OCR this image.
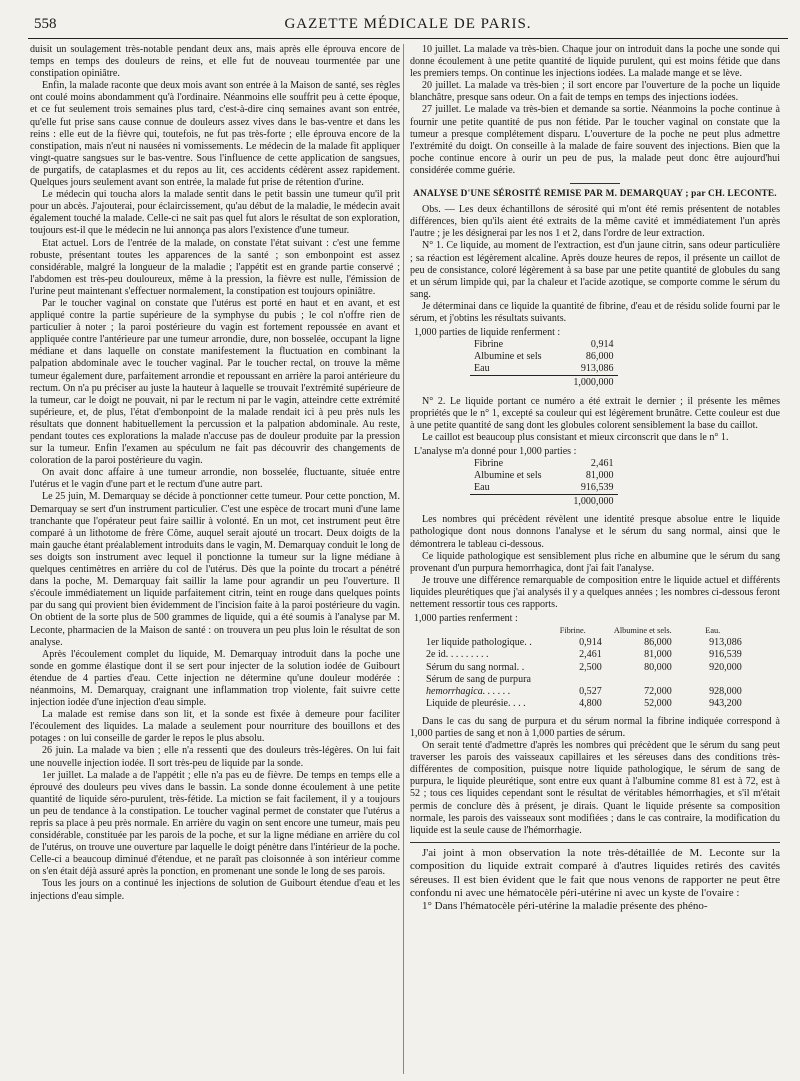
558	GAZETTE MÉDICALE DE PARIS.

duisit un soulagement très-notable pendant deux ans, mais après elle éprouva encore de temps en temps des douleurs de reins, et elle fut de nouveau tourmentée par une constipation opiniâtre.

Enfin, la malade raconte que deux mois avant son entrée à la Maison de santé, ses règles ont coulé moins abondamment qu'à l'ordinaire. Néanmoins elle souffrit peu à cette époque, et ce fut seulement trois semaines plus tard, c'est-à-dire cinq semaines avant son entrée, qu'elle fut prise sans cause connue de douleurs assez vives dans le bas-ventre et dans les reins : elle eut de la fièvre qui, toutefois, ne fut pas très-forte ; elle éprouva encore de la constipation, mais n'eut ni nausées ni vomissements. Le médecin de la malade fit appliquer vingt-quatre sangsues sur le bas-ventre. Sous l'influence de cette application de sangsues, de purgatifs, de cataplasmes et du repos au lit, ces accidents cédèrent assez rapidement. Quelques jours seulement avant son entrée, la malade fut prise de rétention d'urine.

Le médecin qui toucha alors la malade sentit dans le petit bassin une tumeur qu'il prit pour un abcès. J'ajouterai, pour éclaircissement, qu'au début de la maladie, le médecin avait également touché la malade. Celle-ci ne sait pas quel fut alors le résultat de son exploration, toujours est-il que le médecin ne lui annonça pas alors l'existence d'une tumeur.

Etat actuel. Lors de l'entrée de la malade, on constate l'état suivant : c'est une femme robuste, présentant toutes les apparences de la santé ; son embonpoint est assez considérable, malgré la longueur de la maladie ; l'appétit est en grande partie conservé ; l'abdomen est très-peu douloureux, même à la pression, la fièvre est nulle, l'émission de l'urine peut maintenant s'effectuer normalement, la constipation est toujours opiniâtre.

Par le toucher vaginal on constate que l'utérus est porté en haut et en avant, et est appliqué contre la partie supérieure de la symphyse du pubis ; le col n'offre rien de particulier à noter ; la paroi postérieure du vagin est fortement repoussée en avant et appliquée contre l'antérieure par une tumeur arrondie, dure, non bosselée, occupant la ligne médiane et dans laquelle on constate manifestement la fluctuation en combinant la palpation abdominale avec le toucher vaginal. Par le toucher rectal, on trouve la même tumeur également dure, parfaitement arrondie et repoussant en arrière la paroi antérieure du rectum. On n'a pu préciser au juste la hauteur à laquelle se trouvait l'extrémité supérieure de la tumeur, car le doigt ne pouvait, ni par le rectum ni par le vagin, atteindre cette extrémité supérieure, et, de plus, l'état d'embonpoint de la malade rendait ici à peu près nuls les résultats que donnent habituellement la percussion et la palpation abdominale. Au reste, pendant toutes ces explorations la malade n'accuse pas de douleur produite par la pression sur la tumeur. Enfin l'examen au spéculum ne fait pas découvrir des changements de coloration de la paroi postérieure du vagin.

On avait donc affaire à une tumeur arrondie, non bosselée, fluctuante, située entre l'utérus et le vagin d'une part et le rectum d'une autre part.

Le 25 juin, M. Demarquay se décide à ponctionner cette tumeur. Pour cette ponction, M. Demarquay se sert d'un instrument particulier. C'est une espèce de trocart muni d'une lame tranchante que l'opérateur peut faire saillir à volonté. En un mot, cet instrument peut être comparé à un lithotome de frère Côme, auquel serait ajouté un trocart. Deux doigts de la main gauche étant préalablement introduits dans le vagin, M. Demarquay conduit le long de ses doigts son instrument avec lequel il ponctionne la tumeur sur la ligne médiane à quelques centimètres en arrière du col de l'utérus. Dès que la pointe du trocart a pénétré dans la poche, M. Demarquay fait saillir la lame pour agrandir un peu l'ouverture. Il s'écoule immédiatement un liquide parfaitement citrin, teint en rouge dans quelques points par du sang qui provient bien évidemment de l'incision faite à la paroi postérieure du vagin. On obtient de la sorte plus de 500 grammes de liquide, qui a été soumis à l'analyse par M. Leconte, pharmacien de la Maison de santé : on trouvera un peu plus loin le résultat de son analyse.

Après l'écoulement complet du liquide, M. Demarquay introduit dans la poche une sonde en gomme élastique dont il se sert pour injecter de la solution iodée de Guibourt étendue de 4 parties d'eau. Cette injection ne détermine qu'une douleur modérée : néanmoins, M. Demarquay, craignant une inflammation trop violente, fait suivre cette injection iodée d'une injection d'eau simple.

La malade est remise dans son lit, et la sonde est fixée à demeure pour faciliter l'écoulement des liquides. La malade a seulement pour nourriture des bouillons et des potages : on lui conseille de garder le repos le plus absolu.

26 juin. La malade va bien ; elle n'a ressenti que des douleurs très-légères. On lui fait une nouvelle injection iodée. Il sort très-peu de liquide par la sonde.

1er juillet. La malade a de l'appétit ; elle n'a pas eu de fièvre. De temps en temps elle a éprouvé des douleurs peu vives dans le bassin. La sonde donne écoulement à une petite quantité de liquide séro-purulent, très-fétide. La miction se fait facilement, il y a toujours un peu de tendance à la constipation. Le toucher vaginal permet de constater que l'utérus a repris sa place à peu près normale. En arrière du vagin on sent encore une tumeur, mais peu considérable, constituée par les parois de la poche, et sur la ligne médiane en arrière du col de l'utérus, on trouve une ouverture par laquelle le doigt pénètre dans l'intérieur de la poche. Celle-ci a beaucoup diminué d'étendue, et ne paraît pas cloisonnée à son intérieur comme on s'en était déjà assuré après la ponction, en promenant une sonde le long de ses parois.

Tous les jours on a continué les injections de solution de Guibourt étendue d'eau et les injections d'eau simple.

10 juillet. La malade va très-bien. Chaque jour on introduit dans la poche une sonde qui donne écoulement à une petite quantité de liquide purulent, qui est moins fétide que dans les premiers temps. On continue les injections iodées. La malade mange et se lève.

20 juillet. La malade va très-bien ; il sort encore par l'ouverture de la poche un liquide blanchâtre, presque sans odeur. On a fait de temps en temps des injections iodées.

27 juillet. Le malade va très-bien et demande sa sortie. Néanmoins la poche continue à fournir une petite quantité de pus non fétide. Par le toucher vaginal on constate que la tumeur a presque complétement disparu. L'ouverture de la poche ne peut plus admettre l'extrémité du doigt. On conseille à la malade de faire souvent des injections. Bien que la poche continue encore à ourir un peu de pus, la malade peut donc être aujourd'hui considérée comme guérie.

ANALYSE D'UNE SÉROSITÉ REMISE PAR M. DEMARQUAY ; par CH. LECONTE.

Obs. — Les deux échantillons de sérosité qui m'ont été remis présentent de notables différences, bien qu'ils aient été extraits de la même cavité et immédiatement l'un après l'autre ; je les désignerai par les nos 1 et 2, dans l'ordre de leur extraction.

N° 1. Ce liquide, au moment de l'extraction, est d'un jaune citrin, sans odeur particulière ; sa réaction est légèrement alcaline. Après douze heures de repos, il présente un caillot de peu de consistance, coloré légèrement à sa base par une petite quantité de globules du sang et un sérum limpide qui, par la chaleur et l'acide azotique, se comporte comme le sérum du sang.

Je déterminai dans ce liquide la quantité de fibrine, d'eau et de résidu solide fourni par le sérum, et j'obtins les résultats suivants.

1,000 parties de liquide renferment :
Fibrine	0,914
Albumine et sels	86,000
Eau	913,086
	1,000,000

N° 2. Le liquide portant ce numéro a été extrait le dernier ; il présente les mêmes propriétés que le n° 1, excepté sa couleur qui est légèrement brunâtre. Cette couleur est due à une petite quantité de sang dont les globules colorent sensiblement la base du caillot.

Le caillot est beaucoup plus consistant et mieux circonscrit que dans le n° 1.

L'analyse m'a donné pour 1,000 parties :
Fibrine	2,461
Albumine et sels	81,000
Eau	916,539
	1,000,000

Les nombres qui précèdent révèlent une identité presque absolue entre le liquide pathologique dont nous donnons l'analyse et le sérum du sang normal, ainsi que le démontrera le tableau ci-dessous.

Ce liquide pathologique est sensiblement plus riche en albumine que le sérum du sang provenant d'un purpura hemorrhagica, dont j'ai fait l'analyse.

Je trouve une différence remarquable de composition entre le liquide actuel et différents liquides pleurétiques que j'ai analysés il y a quelques années ; les nombres ci-dessous feront nettement ressortir tous ces rapports.

1,000 parties renferment :
	Fibrine.	Albumine et sels.	Eau.
1er liquide pathologique. .	0,914	86,000	913,086
2e id. . . . . . . . .	2,461	81,000	916,539
Sérum du sang normal. .	2,500	80,000	920,000
Sérum de sang de purpura			
hemorrhagica. . . . . .	0,527	72,000	928,000
Liquide de pleurésie. . . .	4,800	52,000	943,200

Dans le cas du sang de purpura et du sérum normal la fibrine indiquée correspond à 1,000 parties de sang et non à 1,000 parties de sérum.

On serait tenté d'admettre d'après les nombres qui précèdent que le sérum du sang peut traverser les parois des vaisseaux capillaires et les séreuses dans des conditions très-différentes de composition, puisque notre liquide pathologique, le sérum de sang de purpura, le liquide pleurétique, sont entre eux quant à l'albumine comme 81 est à 72, est à 52 ; tous ces liquides cependant sont le résultat de véritables hémorrhagies, et s'il m'était permis de conclure dès à présent, je dirais. Quant le liquide présente sa composition normale, les parois des vaisseaux sont modifiées ; dans le cas contraire, la modification du liquide est la seule cause de l'hémorrhagie.

J'ai joint à mon observation la note très-détaillée de M. Leconte sur la composition du liquide extrait comparé à d'autres liquides retirés des cavités séreuses. Il est bien évident que le fait que nous venons de rapporter ne peut être confondu ni avec une hématocèle péri-utérine ni avec un kyste de l'ovaire :

1° Dans l'hématocèle péri-utérine la maladie présente des phéno-
